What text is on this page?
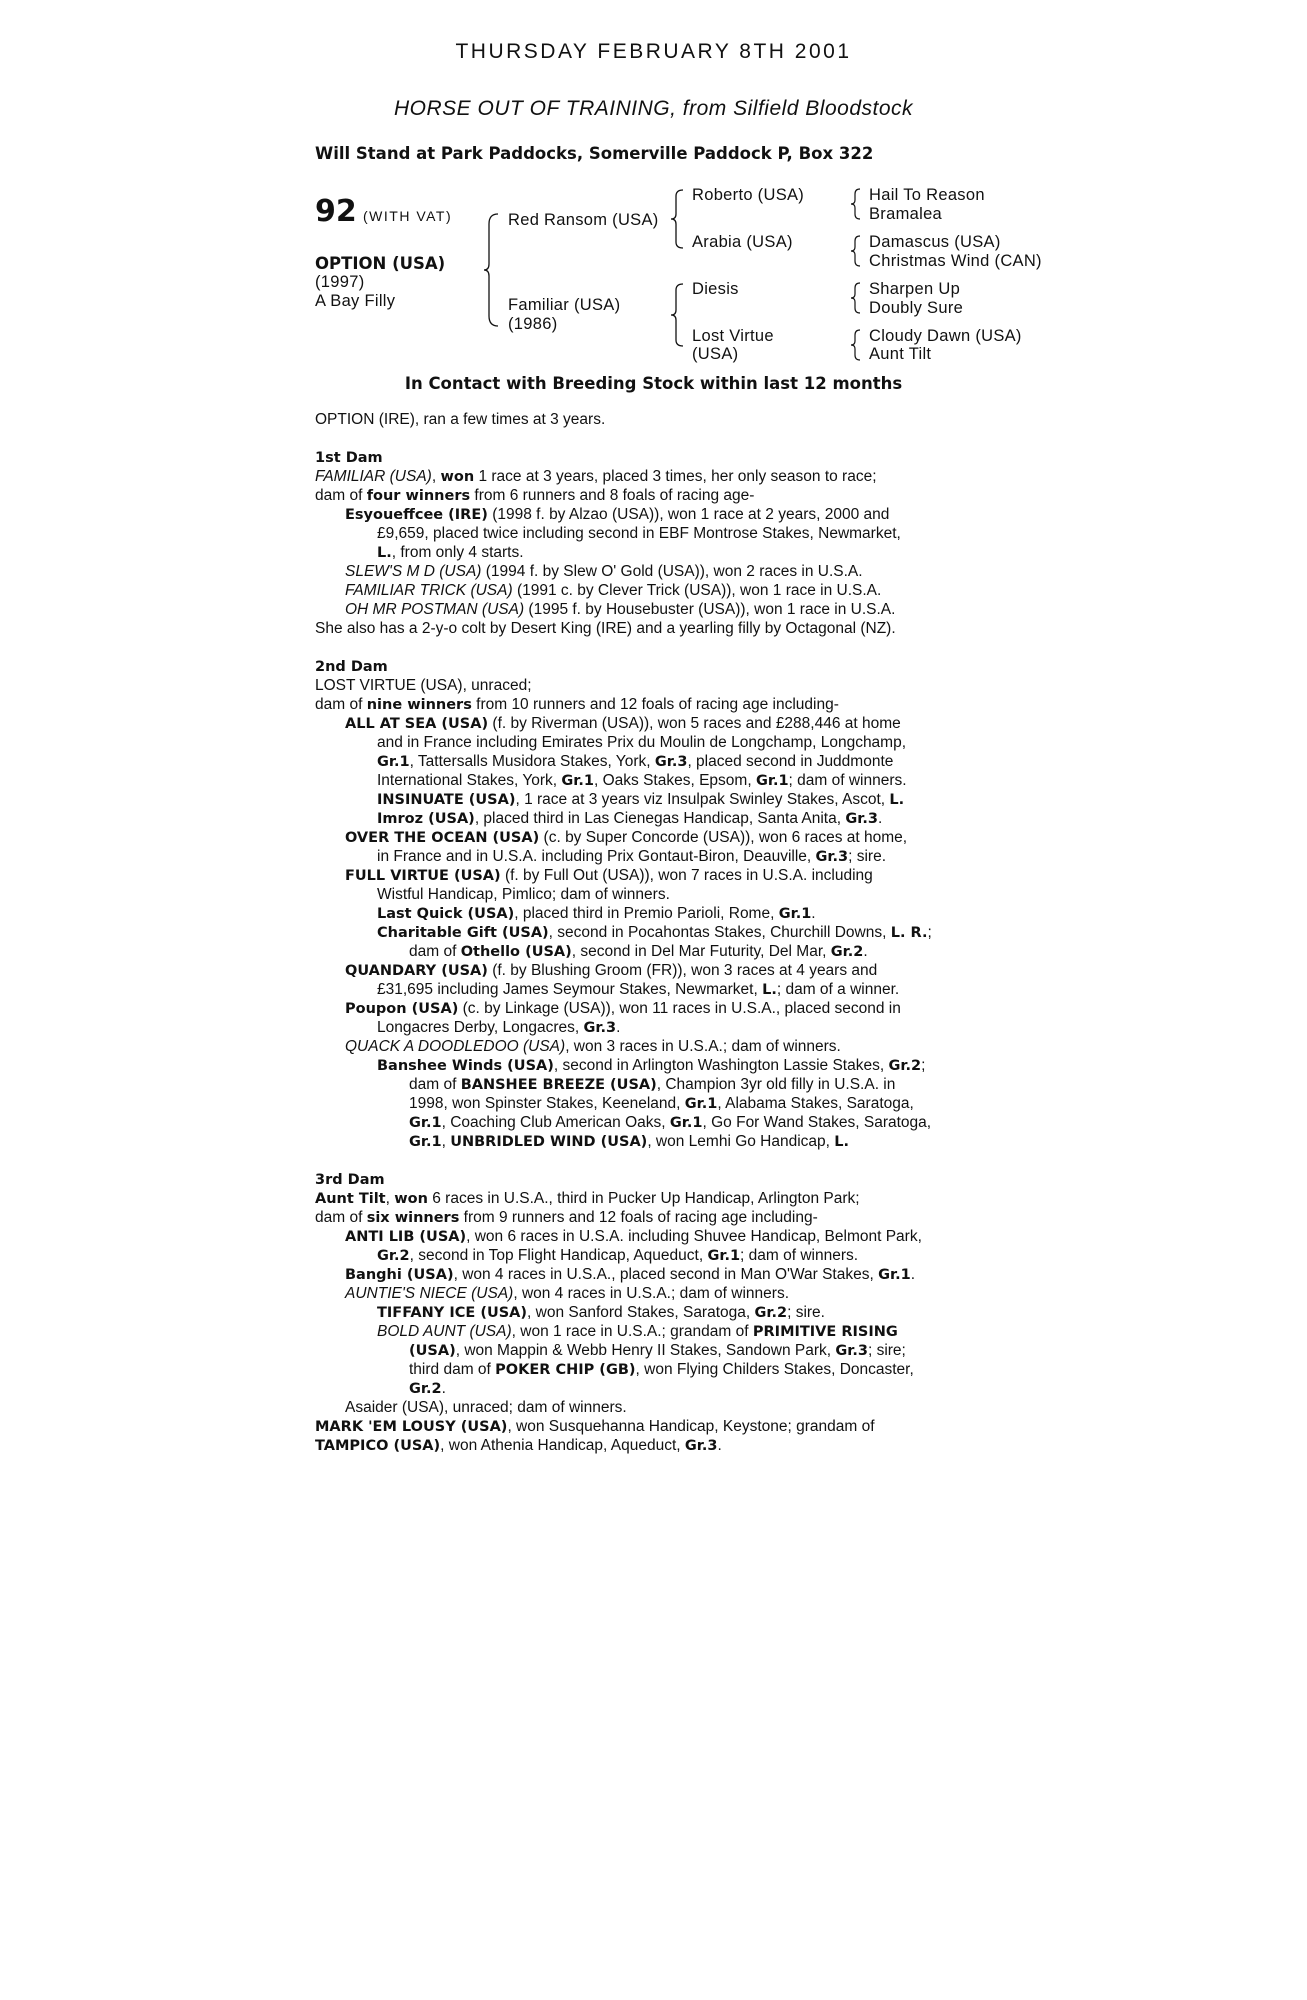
THURSDAY FEBRUARY 8TH 2001
HORSE OUT OF TRAINING, from Silfield Bloodstock
Will Stand at Park Paddocks, Somerville Paddock P, Box 322
92 (WITH VAT)
OPTION (USA)
(1997)
A Bay Filly
Red Ransom (USA)
Familiar (USA)
(1986)
Roberto (USA)
Arabia (USA)
Diesis
Lost Virtue
(USA)
Hail To Reason
Bramalea
Damascus (USA)
Christmas Wind (CAN)
Sharpen Up
Doubly Sure
Cloudy Dawn (USA)
Aunt Tilt
In Contact with Breeding Stock within last 12 months
OPTION (IRE), ran a few times at 3 years.
1st Dam
FAMILIAR (USA), won 1 race at 3 years, placed 3 times, her only season to race;
dam of four winners from 6 runners and 8 foals of racing age-
Esyoueffcee (IRE) (1998 f. by Alzao (USA)), won 1 race at 2 years, 2000 and
£9,659, placed twice including second in EBF Montrose Stakes, Newmarket,
L., from only 4 starts.
SLEW'S M D (USA) (1994 f. by Slew O' Gold (USA)), won 2 races in U.S.A.
FAMILIAR TRICK (USA) (1991 c. by Clever Trick (USA)), won 1 race in U.S.A.
OH MR POSTMAN (USA) (1995 f. by Housebuster (USA)), won 1 race in U.S.A.
She also has a 2-y-o colt by Desert King (IRE) and a yearling filly by Octagonal (NZ).
2nd Dam
LOST VIRTUE (USA), unraced;
dam of nine winners from 10 runners and 12 foals of racing age including-
ALL AT SEA (USA) (f. by Riverman (USA)), won 5 races and £288,446 at home
and in France including Emirates Prix du Moulin de Longchamp, Longchamp,
Gr.1, Tattersalls Musidora Stakes, York, Gr.3, placed second in Juddmonte
International Stakes, York, Gr.1, Oaks Stakes, Epsom, Gr.1; dam of winners.
INSINUATE (USA), 1 race at 3 years viz Insulpak Swinley Stakes, Ascot, L.
Imroz (USA), placed third in Las Cienegas Handicap, Santa Anita, Gr.3.
OVER THE OCEAN (USA) (c. by Super Concorde (USA)), won 6 races at home,
in France and in U.S.A. including Prix Gontaut-Biron, Deauville, Gr.3; sire.
FULL VIRTUE (USA) (f. by Full Out (USA)), won 7 races in U.S.A. including
Wistful Handicap, Pimlico; dam of winners.
Last Quick (USA), placed third in Premio Parioli, Rome, Gr.1.
Charitable Gift (USA), second in Pocahontas Stakes, Churchill Downs, L. R.;
dam of Othello (USA), second in Del Mar Futurity, Del Mar, Gr.2.
QUANDARY (USA) (f. by Blushing Groom (FR)), won 3 races at 4 years and
£31,695 including James Seymour Stakes, Newmarket, L.; dam of a winner.
Poupon (USA) (c. by Linkage (USA)), won 11 races in U.S.A., placed second in
Longacres Derby, Longacres, Gr.3.
QUACK A DOODLEDOO (USA), won 3 races in U.S.A.; dam of winners.
Banshee Winds (USA), second in Arlington Washington Lassie Stakes, Gr.2;
dam of BANSHEE BREEZE (USA), Champion 3yr old filly in U.S.A. in
1998, won Spinster Stakes, Keeneland, Gr.1, Alabama Stakes, Saratoga,
Gr.1, Coaching Club American Oaks, Gr.1, Go For Wand Stakes, Saratoga,
Gr.1, UNBRIDLED WIND (USA), won Lemhi Go Handicap, L.
3rd Dam
Aunt Tilt, won 6 races in U.S.A., third in Pucker Up Handicap, Arlington Park;
dam of six winners from 9 runners and 12 foals of racing age including-
ANTI LIB (USA), won 6 races in U.S.A. including Shuvee Handicap, Belmont Park,
Gr.2, second in Top Flight Handicap, Aqueduct, Gr.1; dam of winners.
Banghi (USA), won 4 races in U.S.A., placed second in Man O'War Stakes, Gr.1.
AUNTIE'S NIECE (USA), won 4 races in U.S.A.; dam of winners.
TIFFANY ICE (USA), won Sanford Stakes, Saratoga, Gr.2; sire.
BOLD AUNT (USA), won 1 race in U.S.A.; grandam of PRIMITIVE RISING
(USA), won Mappin & Webb Henry II Stakes, Sandown Park, Gr.3; sire;
third dam of POKER CHIP (GB), won Flying Childers Stakes, Doncaster,
Gr.2.
Asaider (USA), unraced; dam of winners.
MARK 'EM LOUSY (USA), won Susquehanna Handicap, Keystone; grandam of
TAMPICO (USA), won Athenia Handicap, Aqueduct, Gr.3.
